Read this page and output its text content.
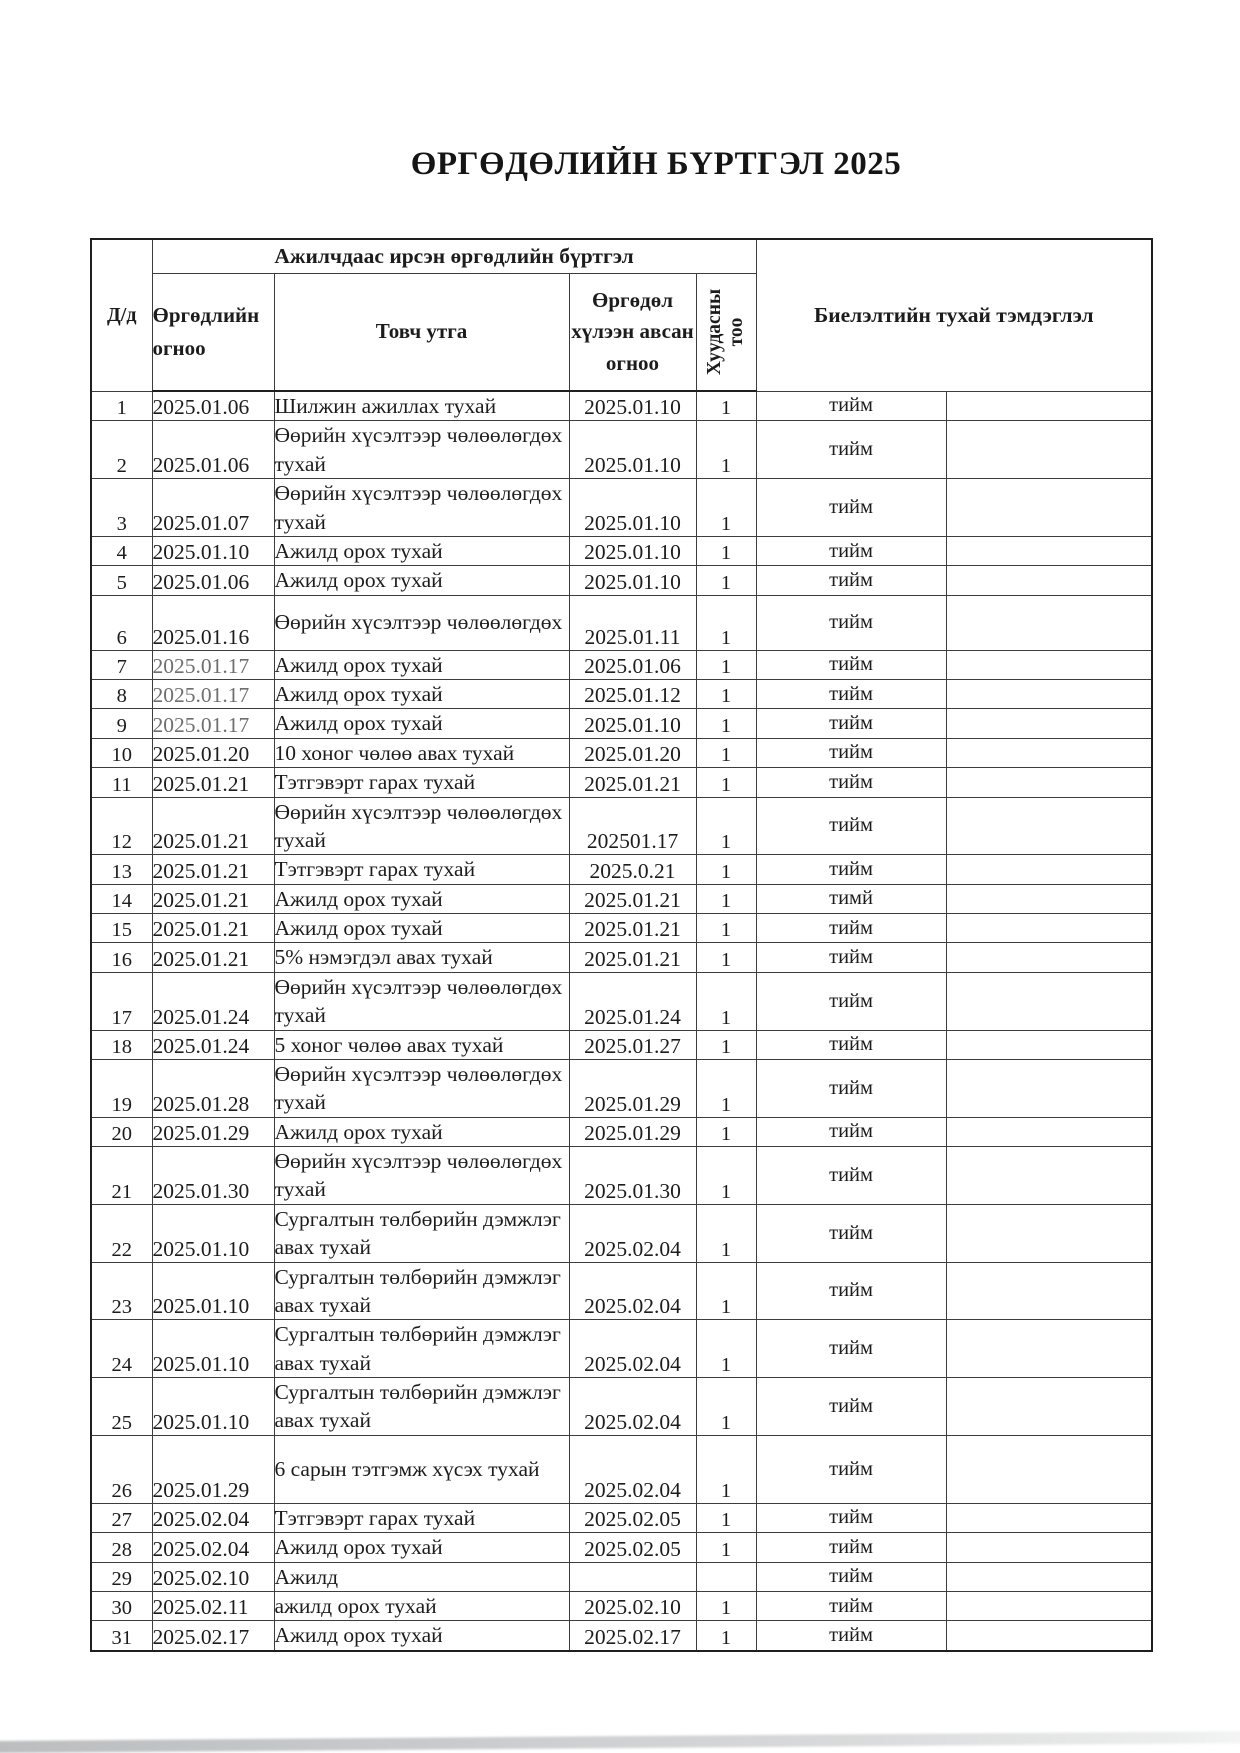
ӨРГӨДӨЛИЙН БҮРТГЭЛ 2025
Д/д	Ажилчдаас ирсэн өргөдлийн бүртгэл				Биелэлтийн тухай тэмдэглэл	
	Өргөдлийн огноо	Товч утга	Өргөдөл хүлээн авсан огноо	Хуудасны тоо		

1	2025.01.06	Шилжин ажиллах тухай	2025.01.10	1	тийм	
2	2025.01.06	Өөрийн хүсэлтээр чөлөөлөгдөх тухай	2025.01.10	1	тийм	
3	2025.01.07	Өөрийн хүсэлтээр чөлөөлөгдөх тухай	2025.01.10	1	тийм	
4	2025.01.10	Ажилд орох тухай	2025.01.10	1	тийм	
5	2025.01.06	Ажилд орох тухай	2025.01.10	1	тийм	
6	2025.01.16	Өөрийн хүсэлтээр чөлөөлөгдөх	2025.01.11	1	тийм	
7	2025.01.17	Ажилд орох тухай	2025.01.06	1	тийм	
8	2025.01.17	Ажилд орох тухай	2025.01.12	1	тийм	
9	2025.01.17	Ажилд орох тухай	2025.01.10	1	тийм	
10	2025.01.20	10 хоног чөлөө авах тухай	2025.01.20	1	тийм	
11	2025.01.21	Тэтгэвэрт гарах тухай	2025.01.21	1	тийм	
12	2025.01.21	Өөрийн хүсэлтээр чөлөөлөгдөх тухай	202501.17	1	тийм	
13	2025.01.21	Тэтгэвэрт гарах тухай	2025.0.21	1	тийм	
14	2025.01.21	Ажилд орох тухай	2025.01.21	1	тимй	
15	2025.01.21	Ажилд орох тухай	2025.01.21	1	тийм	
16	2025.01.21	5% нэмэгдэл авах тухай	2025.01.21	1	тийм	
17	2025.01.24	Өөрийн хүсэлтээр чөлөөлөгдөх тухай	2025.01.24	1	тийм	
18	2025.01.24	5 хоног чөлөө авах тухай	2025.01.27	1	тийм	
19	2025.01.28	Өөрийн хүсэлтээр чөлөөлөгдөх тухай	2025.01.29	1	тийм	
20	2025.01.29	Ажилд орох тухай	2025.01.29	1	тийм	
21	2025.01.30	Өөрийн хүсэлтээр чөлөөлөгдөх тухай	2025.01.30	1	тийм	
22	2025.01.10	Сургалтын төлбөрийн дэмжлэг авах тухай	2025.02.04	1	тийм	
23	2025.01.10	Сургалтын төлбөрийн дэмжлэг авах тухай	2025.02.04	1	тийм	
24	2025.01.10	Сургалтын төлбөрийн дэмжлэг авах тухай	2025.02.04	1	тийм	
25	2025.01.10	Сургалтын төлбөрийн дэмжлэг авах тухай	2025.02.04	1	тийм	
26	2025.01.29	6 сарын тэтгэмж хүсэх тухай	2025.02.04	1	тийм	
27	2025.02.04	Тэтгэвэрт гарах тухай	2025.02.05	1	тийм	
28	2025.02.04	Ажилд орох тухай	2025.02.05	1	тийм	
29	2025.02.10	Ажилд			тийм	
30	2025.02.11	ажилд орох тухай	2025.02.10	1	тийм	
31	2025.02.17	Ажилд орох тухай	2025.02.17	1	тийм	
